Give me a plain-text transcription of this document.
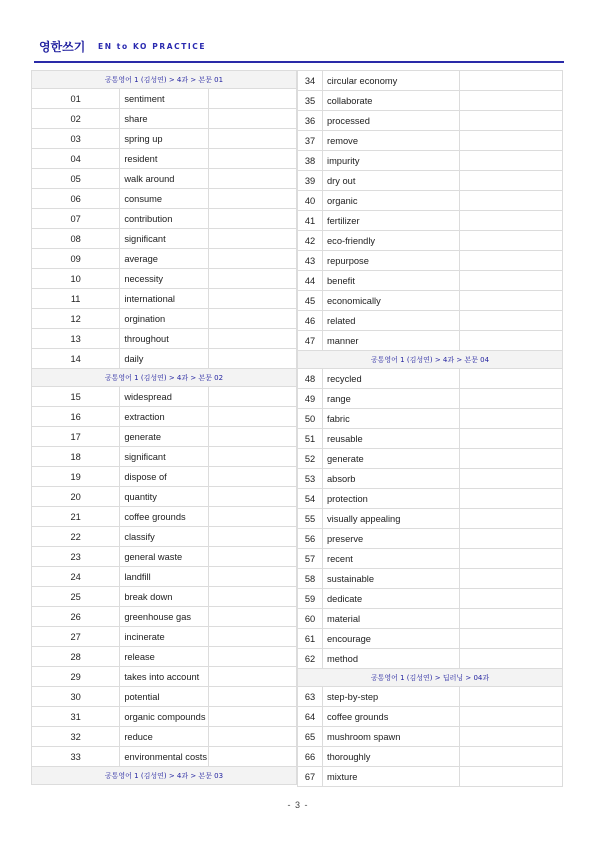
영한쓰기 EN to KO PRACTICE
공통영어 1 (김성연) > 4과 > 본문 01		
01	sentiment	
02	share	
03	spring up	
04	resident	
05	walk around	
06	consume	
07	contribution	
08	significant	
09	average	
10	necessity	
11	international	
12	orgination	
13	throughout	
14	daily	
공통영어 1 (김성연) > 4과 > 본문 02		
15	widespread	
16	extraction	
17	generate	
18	significant	
19	dispose of	
20	quantity	
21	coffee grounds	
22	classify	
23	general waste	
24	landfill	
25	break down	
26	greenhouse gas	
27	incinerate	
28	release	
29	takes into account	
30	potential	
31	organic compounds	
32	reduce	
33	environmental costs	
공통영어 1 (김성연) > 4과 > 본문 03		
34	circular economy	
35	collaborate	
36	processed	
37	remove	
38	impurity	
39	dry out	
40	organic	
41	fertilizer	
42	eco-friendly	
43	repurpose	
44	benefit	
45	economically	
46	related	
47	manner	
공통영어 1 (김성연) > 4과 > 본문 04		
48	recycled	
49	range	
50	fabric	
51	reusable	
52	generate	
53	absorb	
54	protection	
55	visually appealing	
56	preserve	
57	recent	
58	sustainable	
59	dedicate	
60	material	
61	encourage	
62	method	
공통영어 1 (김성연) > 딥러닝 > 04과		
63	step-by-step	
64	coffee grounds	
65	mushroom spawn	
66	thoroughly	
67	mixture	
- 3 -
